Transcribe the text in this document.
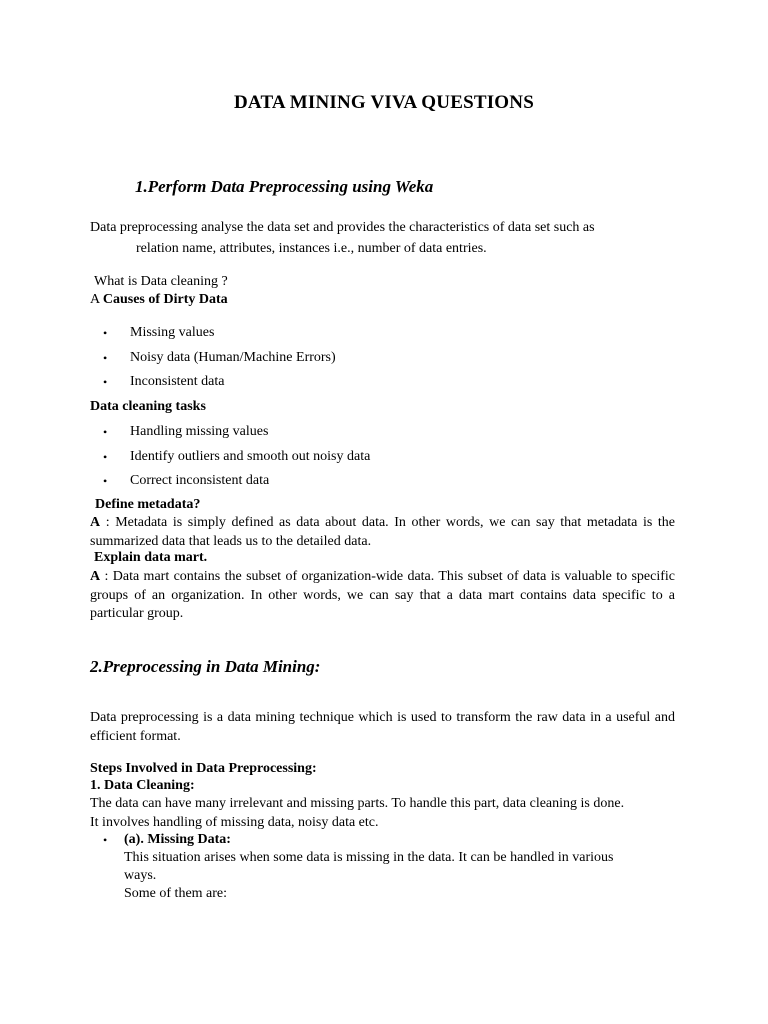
DATA MINING VIVA QUESTIONS
1.Perform Data Preprocessing using Weka
Data preprocessing analyse the data set and provides the characteristics of data set such as
relation name, attributes, instances i.e., number of data entries.
What is Data cleaning ?
A Causes of Dirty Data
• Missing values
• Noisy data (Human/Machine Errors)
• Inconsistent data
Data cleaning tasks
• Handling missing values
• Identify outliers and smooth out noisy data
• Correct inconsistent data
Define metadata?
A : Metadata is simply defined as data about data. In other words, we can say that metadata is the summarized data that leads us to the detailed data.
Explain data mart.
A : Data mart contains the subset of organization-wide data. This subset of data is valuable to specific groups of an organization. In other words, we can say that a data mart contains data specific to a particular group.
2.Preprocessing in Data Mining:
Data preprocessing is a data mining technique which is used to transform the raw data in a useful and efficient format.
Steps Involved in Data Preprocessing:
1. Data Cleaning:
The data can have many irrelevant and missing parts. To handle this part, data cleaning is done.
It involves handling of missing data, noisy data etc.
• (a). Missing Data:
This situation arises when some data is missing in the data. It can be handled in various
ways.
Some of them are:
